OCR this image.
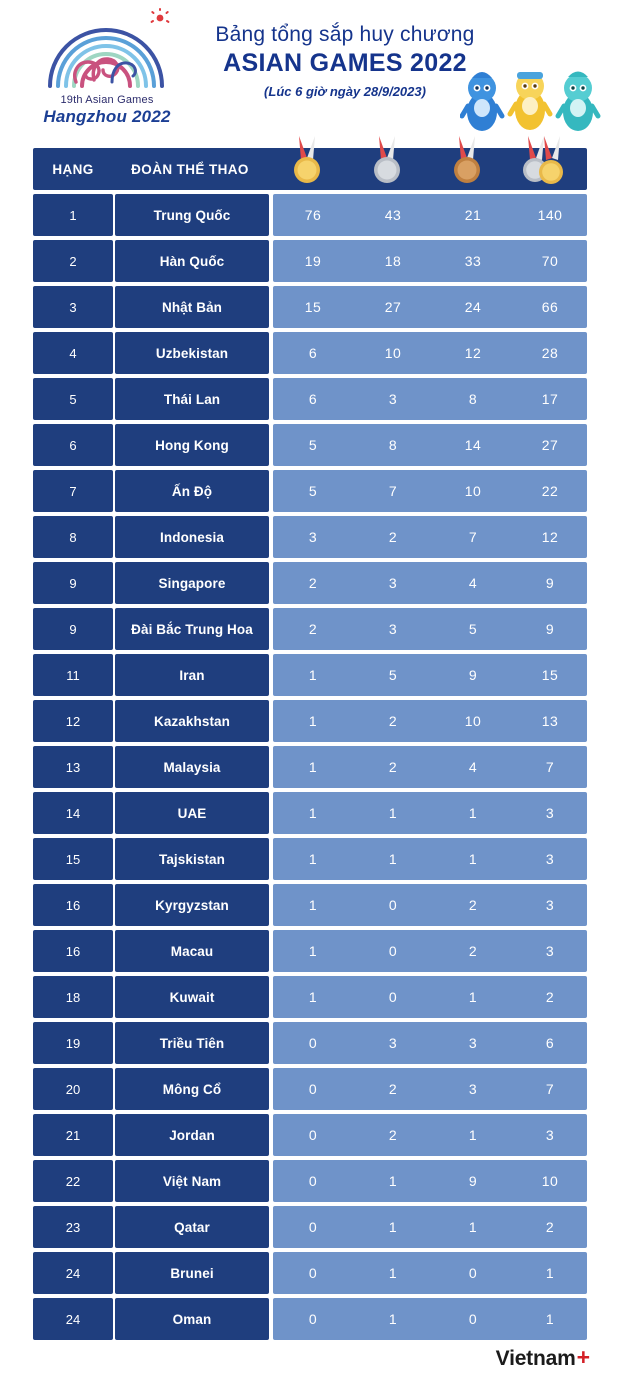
19th Asian Games
Hangzhou 2022
Bảng tổng sắp huy chương
ASIAN GAMES 2022
(Lúc 6 giờ ngày 28/9/2023)
HẠNG	ĐOÀN THỂ THAO
1	Trung Quốc	76	43	21	140
2	Hàn Quốc	19	18	33	70
3	Nhật Bản	15	27	24	66
4	Uzbekistan	6	10	12	28
5	Thái Lan	6	3	8	17
6	Hong Kong	5	8	14	27
7	Ấn Độ	5	7	10	22
8	Indonesia	3	2	7	12
9	Singapore	2	3	4	9
9	Đài Bắc Trung Hoa	2	3	5	9
11	Iran	1	5	9	15
12	Kazakhstan	1	2	10	13
13	Malaysia	1	2	4	7
14	UAE	1	1	1	3
15	Tajskistan	1	1	1	3
16	Kyrgyzstan	1	0	2	3
16	Macau	1	0	2	3
18	Kuwait	1	0	1	2
19	Triều Tiên	0	3	3	6
20	Mông Cổ	0	2	3	7
21	Jordan	0	2	1	3
22	Việt Nam	0	1	9	10
23	Qatar	0	1	1	2
24	Brunei	0	1	0	1
24	Oman	0	1	0	1
Vietnam +
